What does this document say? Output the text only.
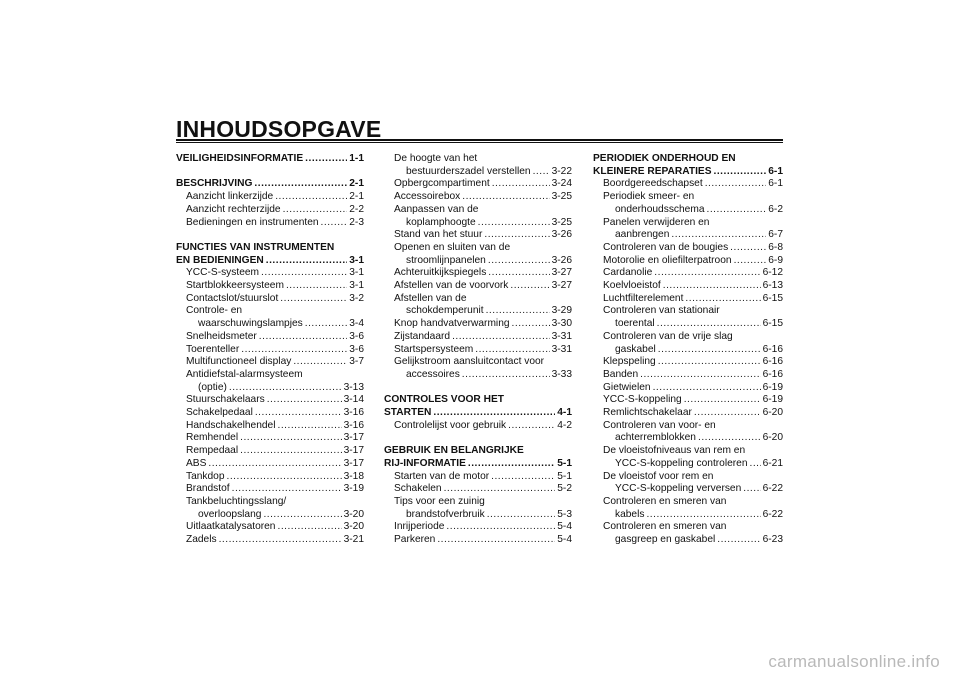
INHOUDSOPGAVE
VEILIGHEIDSINFORMATIE .....	1-1
BESCHRIJVING .....	2-1
Aanzicht linkerzijde .....	2-1
Aanzicht rechterzijde .....	2-2
Bedieningen en instrumenten .....	2-3
FUNCTIES VAN INSTRUMENTEN
EN BEDIENINGEN .....	3-1
YCC-S-systeem .....	3-1
Startblokkeersysteem .....	3-1
Contactslot/stuurslot .....	3-2
Controle- en
waarschuwingslampjes .....	3-4
Snelheidsmeter .....	3-6
Toerenteller .....	3-6
Multifunctioneel display .....	3-7
Antidiefstal-alarmsysteem
(optie) .....	3-13
Stuurschakelaars .....	3-14
Schakelpedaal .....	3-16
Handschakelhendel .....	3-16
Remhendel .....	3-17
Rempedaal .....	3-17
ABS .....	3-17
Tankdop .....	3-18
Brandstof .....	3-19
Tankbeluchtingsslang/
overloopslang .....	3-20
Uitlaatkatalysatoren .....	3-20
Zadels .....	3-21
De hoogte van het
bestuurderszadel verstellen ..... 3-22
Opbergcompartiment .....	3-24
Accessoirebox .....	3-25
Aanpassen van de
koplamphoogte .....	3-25
Stand van het stuur .....	3-26
Openen en sluiten van de
stroomlijnpanelen .....	3-26
Achteruitkijkspiegels .....	3-27
Afstellen van de voorvork .....	3-27
Afstellen van de
schokdemperunit .....	3-29
Knop handvatverwarming .....	3-30
Zijstandaard .....	3-31
Startspersysteem .....	3-31
Gelijkstroom aansluitcontact voor
accessoires .....	3-33
CONTROLES VOOR HET
STARTEN .....	4-1
Controlelijst voor gebruik .....	4-2
GEBRUIK EN BELANGRIJKE
RIJ-INFORMATIE .....	5-1
Starten van de motor .....	5-1
Schakelen .....	5-2
Tips voor een zuinig
brandstofverbruik .....	5-3
Inrijperiode .....	5-4
Parkeren .....	5-4
PERIODIEK ONDERHOUD EN
KLEINERE REPARATIES .....	6-1
Boordgereedschapset .....	6-1
Periodiek smeer- en
onderhoudsschema .....	6-2
Panelen verwijderen en
aanbrengen .....	6-7
Controleren van de bougies .....	6-8
Motorolie en oliefilterpatroon .....	6-9
Cardanolie .....	6-12
Koelvloeistof .....	6-13
Luchtfilterelement .....	6-15
Controleren van stationair
toerental .....	6-15
Controleren van de vrije slag
gaskabel .....	6-16
Klepspeling .....	6-16
Banden .....	6-16
Gietwielen .....	6-19
YCC-S-koppeling .....	6-19
Remlichtschakelaar .....	6-20
Controleren van voor- en
achterremblokken .....	6-20
De vloeistofniveaus van rem en
YCC-S-koppeling controleren ..... 6-21
De vloeistof voor rem en
YCC-S-koppeling verversen ..... 6-22
Controleren en smeren van
kabels .....	6-22
Controleren en smeren van
gasgreep en gaskabel .....	6-23
carmanualsonline.info
